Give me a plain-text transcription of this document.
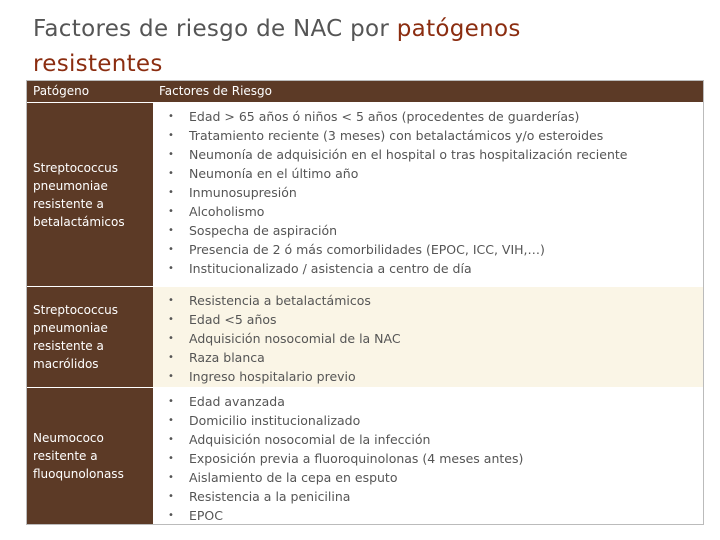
Factores de riesgo de NAC por patógenos
resistentes
Patógeno	Factores de Riesgo
Streptococcus pneumoniae resistente a betalactámicos
• Edad > 65 años ó niños < 5 años (procedentes de guarderías)
• Tratamiento reciente (3 meses) con betalactámicos y/o esteroides
• Neumonía de adquisición en el hospital o tras hospitalización reciente
• Neumonía en el último año
• Inmunosupresión
• Alcoholismo
• Sospecha de aspiración
• Presencia de 2 ó más comorbilidades (EPOC, ICC, VIH,…)
• Institucionalizado / asistencia a centro de día
Streptococcus pneumoniae resistente a macrólidos
• Resistencia a betalactámicos
• Edad <5 años
• Adquisición nosocomial de la NAC
• Raza blanca
• Ingreso hospitalario previo
Neumococo resitente a fluoqunolonass
• Edad avanzada
• Domicilio institucionalizado
• Adquisición nosocomial de la infección
• Exposición previa a fluoroquinolonas (4 meses antes)
• Aislamiento de la cepa en esputo
• Resistencia a la penicilina
• EPOC
